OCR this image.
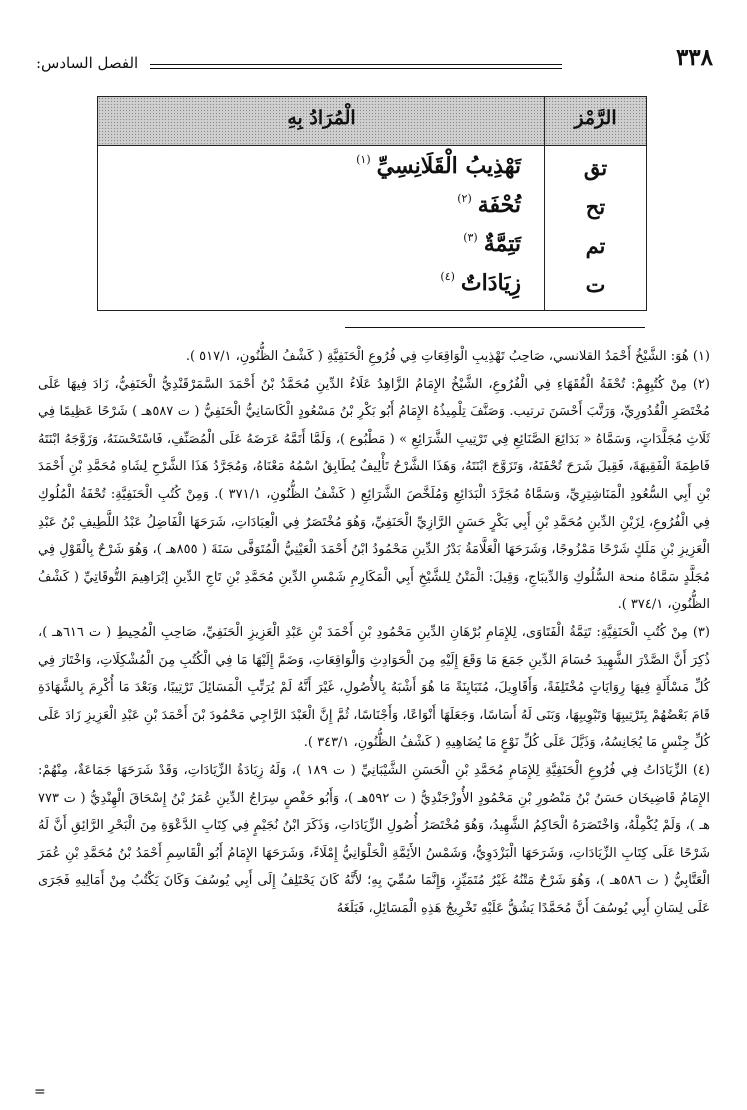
٣٣٨
الفصل السادس:
الرَّمْز
الْمُرَادُ بِهِ
تق
تَهْذِيبُ الْقَلَانِسِيِّ$^{(١)}$
تح
تُحْفَة$^{(٢)}$
تم
تَتِمَّةٌ$^{(٣)}$
ت
زِيَادَاتٌ$^{(٤)}$

(١) هُوَ: الشَّيْخُ أَحْمَدُ القلانسي، صَاحِبُ تَهْذِيبِ الْوَاقِعَاتِ فِي فُرُوعِ الْحَنَفِيَّةِ ( كَشْفُ الظُّنُونِ، ٥١٧/١ ).

(٢) مِنْ كُتُبِهِمْ: تُحْفَةُ الْفُقَهَاءِ فِي الْفُرُوعِ، الشَّيْخُ الإِمَامُ الزَّاهِدُ عَلَاءُ الدِّينِ مُحَمَّدُ بْنُ أَحْمَدَ السَّمَرْقَنْدِيُّ الْحَنَفِيُّ، زَادَ فِيهَا عَلَى مُخْتَصَرِ الْقُدُورِيِّ، وَرَتَّبَ أَحْسَنَ ترتيب. وَصَنَّفَ تِلْمِيذُهُ الإِمَامُ أَبُو بَكْرِ بْنُ مَسْعُودٍ الْكَاسَانِيُّ الْحَنَفِيُّ ( ت ٥٨٧هـ ) شَرْحًا عَظِيمًا فِي ثَلَاثِ مُجَلَّدَاتٍ، وَسَمَّاهُ « بَدَائِعَ الصَّنَائِعِ فِي تَرْتِيبِ الشَّرَائِعِ » ( مَطْبُوع )، وَلَمَّا أَتَمَّهُ عَرَضَهُ عَلَى الْمُصَنِّفِ، فَاسْتَحْسَنَهُ، وَزَوَّجَهُ ابْنَتَهُ فَاطِمَةَ الْفَقِيهَةَ، فَقِيلَ شَرَحَ تُحْفَتَهُ، وَتَزَوَّجَ ابْنَتَهُ، وَهَذَا الشَّرْحُ تَأْلِيفٌ يُطَابِقُ اسْمُهُ مَعْنَاهُ، وَمُجَرَّدُ هَذَا الشَّرْحِ لِشَاهِ مُحَمَّدِ بْنِ أَحْمَدَ بْنِ أَبِي السُّعُودِ الْمَنَاشِتِرِيِّ، وَسَمَّاهُ مُجَرَّدَ الْبَدَائِعِ وَمُلَخَّصَ الشَّرَائِعِ ( كَشْفُ الظُّنُونِ، ٣٧١/١ ). وَمِنْ كُتُبِ الْحَنَفِيَّةِ: تُحْفَةُ الْمُلُوكِ فِي الْفُرُوعِ، لِزَيْنِ الدِّينِ مُحَمَّدِ بْنِ أَبِي بَكْرٍ حَسَنٍ الرَّازِيِّ الْحَنَفِيِّ، وَهُوَ مُخْتَصَرٌ فِي الْعِبَادَاتِ، شَرَحَهَا الْفَاضِلُ عَبْدُ اللَّطِيفِ بْنُ عَبْدِ الْعَزِيزِ بْنِ مَلَكٍ شَرْحًا مَمْزُوجًا، وَشَرَحَهَا الْعَلَّامَةُ بَدْرُ الدِّينِ مَحْمُودُ ابْنُ أَحْمَدَ الْعَيْنِيُّ الْمُتَوَفَّى سَنَةَ ( ٨٥٥هـ )، وَهُوَ شَرْحٌ بِالْقَوْلِ فِي مُجَلَّدٍ سَمَّاهُ منحة السُّلُوكِ وَالدِّيبَاجِ، وَقِيلَ: الْمَتْنُ لِلشَّيْخِ أَبِي الْمَكَارِمِ شَمْسِ الدِّينِ مُحَمَّدِ بْنِ تَاجِ الدِّينِ إبْرَاهِيمَ التُّوقَاتِيِّ ( كَشْفُ الظُّنُونِ، ٣٧٤/١ ).

(٣) مِنْ كُتُبِ الْحَنَفِيَّةِ: تَتِمَّةُ الْفَتَاوَى، لِلإِمَامِ بُرْهَانِ الدِّينِ مَحْمُودِ بْنِ أَحْمَدَ بْنِ عَبْدِ الْعَزِيزِ الْحَنَفِيِّ، صَاحِبِ الْمُحِيطِ ( ت ٦١٦هـ )، ذُكِرَ أَنَّ الصَّدْرَ الشَّهِيدَ حُسَامَ الدِّينِ جَمَعَ مَا وَقَعَ إِلَيْهِ مِنَ الْحَوَادِثِ وَالْوَاقِعَاتِ، وَضَمَّ إِلَيْهَا مَا فِي الْكُتُبِ مِنَ الْمُشْكِلَاتِ، وَاخْتَارَ فِي كُلِّ مَسْأَلَةٍ فِيهَا رِوَايَاتٍ مُخْتَلِفَةً، وَأَقَاوِيلَ، مُتَبَايِنَةً مَا هُوَ أَشْبَهُ بِالأُصُولِ، غَيْرَ أَنَّهُ لَمْ يُرَتِّبِ الْمَسَائِلَ تَرْتِيبًا، وَبَعْدَ مَا أُكْرِمَ بِالشَّهَادَةِ قَامَ بَعْضُهُمْ بِتَرْتِيبِهَا وَتَبْوِيبِهَا، وَبَنَى لَهُ أَسَاسًا، وَجَعَلَهَا أَنْوَاعًا، وَأَجْنَاسًا، ثُمَّ إِنَّ الْعَبْدَ الرَّاجِي مَحْمُودَ بْنَ أَحْمَدَ بْنِ عَبْدِ الْعَزِيزِ زَادَ عَلَى كُلِّ جِنْسٍ مَا يُجَانِسُهُ، وَذَيَّلَ عَلَى كُلِّ نَوْعٍ مَا يُضَاهِيهِ ( كَشْفُ الظُّنُونِ، ٣٤٣/١ ).

(٤) الزِّيَادَاتُ فِي فُرُوعِ الْحَنَفِيَّةِ لِلإِمَامِ مُحَمَّدِ بْنِ الْحَسَنِ الشَّيْبَانِيِّ ( ت ١٨٩ )، وَلَهُ زِيَادَةُ الزِّيَادَاتِ، وَقَدْ شَرَحَهَا جَمَاعَةٌ، مِنْهُمْ: الإِمَامُ قَاضِيخَان حَسَنُ بْنُ مَنْصُورِ بْنِ مَحْمُودٍ الأُوزْجَنْدِيُّ ( ت ٥٩٢هـ )، وَأَبُو حَفْصٍ سِرَاجُ الدِّينِ عُمَرُ بْنُ إِسْحَاقَ الْهِنْدِيُّ ( ت ٧٧٣ هـ )، وَلَمْ يُكْمِلْهُ، وَاخْتَصَرَهُ الْحَاكِمُ الشَّهِيدُ، وَهُوَ مُخْتَصَرُ أُصُولِ الزِّيَادَاتِ، وَذَكَرَ ابْنُ نُجَيْمٍ فِي كِتَابِ الدَّعْوَةِ مِنَ الْبَحْرِ الرَّائِقِ أَنَّ لَهُ شَرْحًا عَلَى كِتَابِ الزِّيَادَاتِ، وَشَرَحَهَا الْبَزْدَوِيُّ، وَشَمْسُ الأَئِمَّةِ الْحَلْوَانِيُّ إِمْلَاءً، وَشَرَحَهَا الإِمَامُ أَبُو الْقَاسِمِ أَحْمَدُ بْنُ مُحَمَّدِ بْنِ عُمَرَ الْعَتَّابِيُّ ( ت ٥٨٦هـ )، وَهُوَ شَرْحٌ مَتْنُهُ غَيْرُ مُتَمَيِّزٍ، وَإِنَّمَا سُمِّيَ بِهِ؛ لأَنَّهُ كَانَ يَحْتَلِفُ إِلَى أَبِي يُوسُفَ وَكَانَ يَكْتُبُ مِنْ أَمَالِيهِ فَجَرَى عَلَى لِسَانِ أَبِي يُوسُفَ أَنَّ مُحَمَّدًا يَشُقُّ عَلَيْهِ تَخْرِيجُ هَذِهِ الْمَسَائِلِ، فَبَلَغَهُ

=
